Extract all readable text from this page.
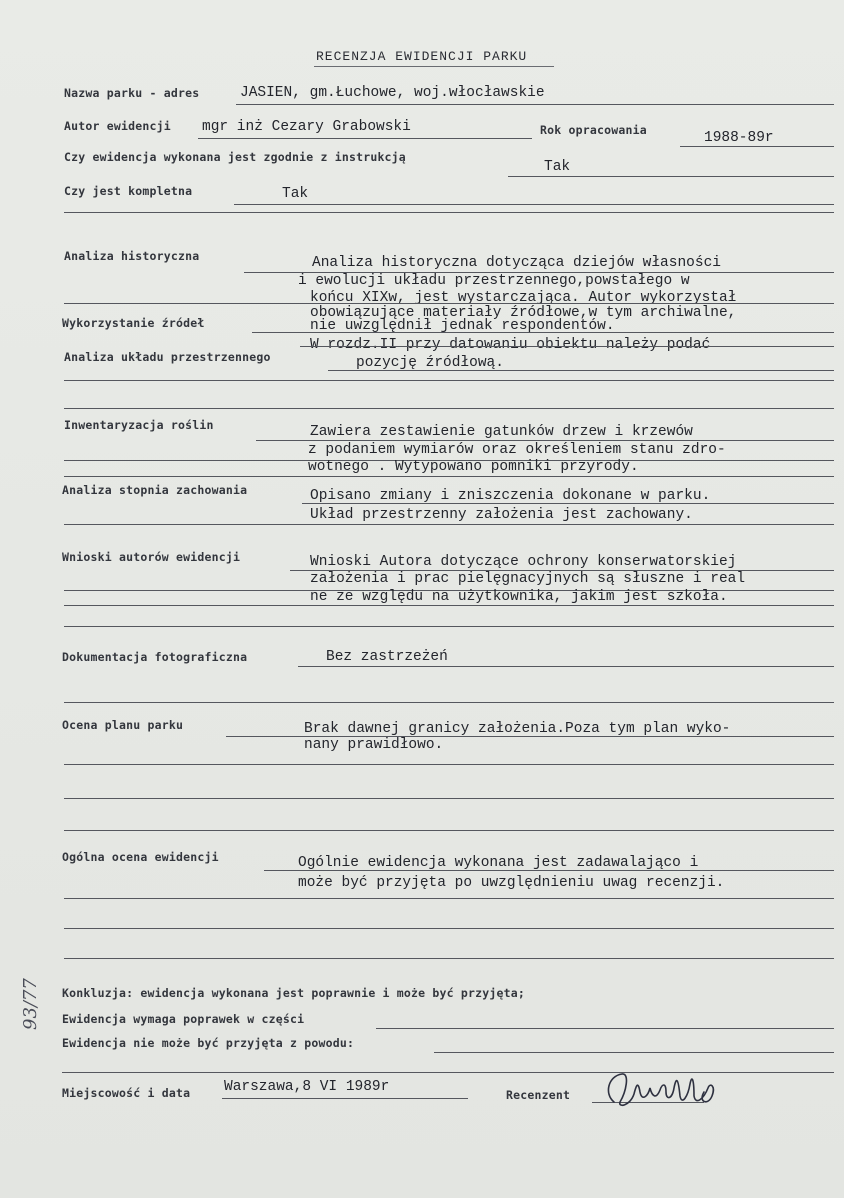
RECENZJA EWIDENCJI PARKU
Nazwa parku - adres	JASIEN, gm.Łuchowe, woj.włocławskie
Autor ewidencji mgr inż Cezary Grabowski	Rok opracowania	1988-89r
Czy ewidencja wykonana jest zgodnie z instrukcją
Tak
Czy jest kompletna	Tak
Analiza historyczna	Analiza historyczna dotycząca dziejów własności
i ewolucji układu przestrzennego,powstałego w
końcu XIXw, jest wystarczająca. Autor wykorzystał
obowiązujące materiały źródłowe,w tym archiwalne,
Wykorzystanie źródeł	nie uwzględnił jednak respondentów.
W rozdz.II przy datowaniu obiektu należy podać
Analiza układu przestrzennego	pozycję źródłową.
Inwentaryzacja roślin	Zawiera zestawienie gatunków drzew i krzewów
z podaniem wymiarów oraz określeniem stanu zdro-
wotnego . Wytypowano pomniki przyrody.
Analiza stopnia zachowania	Opisano zmiany i zniszczenia dokonane w parku.
Układ przestrzenny założenia jest zachowany.
Wnioski autorów ewidencji	Wnioski Autora dotyczące ochrony konserwatorskiej
założenia i prac pielęgnacyjnych są słuszne i real
ne ze względu na użytkownika, jakim jest szkoła.
Dokumentacja fotograficzna	Bez zastrzeżeń
Ocena planu parku	Brak dawnej granicy założenia.Poza tym plan wyko-
nany prawidłowo.
Ogólna ocena ewidencji	Ogólnie ewidencja wykonana jest zadawalająco i
może być przyjęta po uwzględnieniu uwag recenzji.
Konkluzja: ewidencja wykonana jest poprawnie i może być przyjęta;
Ewidencja wymaga poprawek w części
Ewidencja nie może być przyjęta z powodu:
Miejscowość i data Warszawa,8 VI 1989r	Recenzent
93/77
